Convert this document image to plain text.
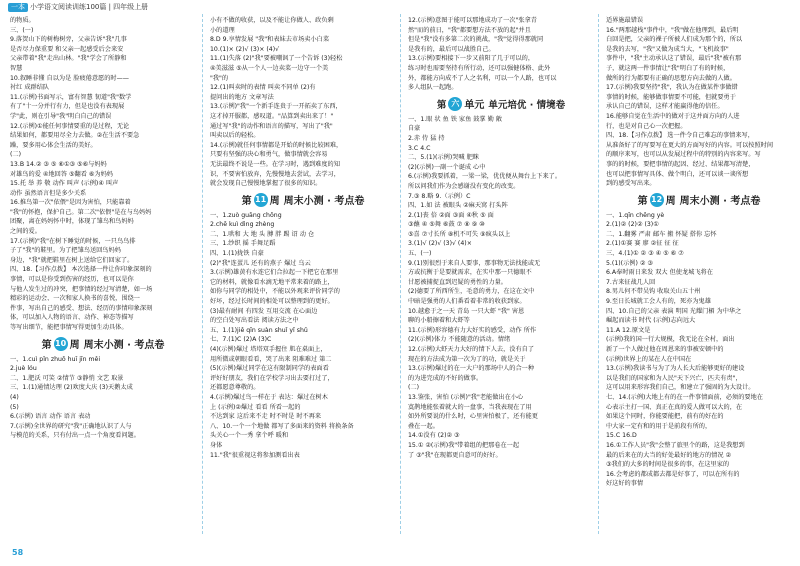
一本 小学语文阅读训练100篇 | 四年级上册
的物质。
三、(一)
9.落贺山下的树梅树旁，父亲告诉"我"几事
是否尽力保重要 和父亲一起感受后会来安
父亲带着"我"走出山林。"我"学会了所静和
智慧
10.叙睡非懂 自以为是 脸疲倦意愿的时——
衬红 成群结队
11.(示例)书面写示，富有智慧 韧道"我"数学
有了"十一分并行有力，但是也没有表现展
学"此，则在引导"我"明白自己的错误
12.(示例)①能任何事情要重的是过程，无论
结果如何，都要用尽全力去做。②在生活不要急
躁，要多用心体会生活的美好。
(二)
13.B 14.② ③ ⑤ ⑥①③ ⑤⑥与妈妈
对雄鸟的爱 ④地回答 ⑤翻看 ⑥为妈妈
15.托 举 养 敬 动作 叫声 (示例)④ 叫声
动作 虽然语言但是多少关系
16.推鸟第一次"依偎"是因为害怕，只能靠着
"我"的怀抱，保护自己。第二次"依偎"是在与鸟妈妈
团聚，离在妈妈怀中时，体现了雏鸟和鸟妈妈
之间的爱。
17.(示例)"我"在树下睡觉的时候，一只鸟鸟排
子了"我"的鞋里。为了把雏鸟送回鸟妈妈
身边，"我"就把鞋里在树上送给它们回家了。
四、18.【习作点拨】 本次选择一件让你印象深刻的
事情，可以是你受到伤害的经历，也可以是你
与他人发生过的冲突，把事情的经过写清楚，如一场
精彩的运动会、一次和家人换书的喜悦，围绕一
件事，写出自己的感受、想法、经历的事情印象深刻
体，可以加入人物的语言、动作、神态等描写
等写出细节，能把事情写得更加生动具体。
第 10 周 周末小测 · 考点卷
一、1.cuì pǐn zhuō huī jīn měi
2.juè lóu
二、1.肥沃 可笑 ②情节 ③静悄 文艺 取景
三、1.(1)通情达理 (2)欢度大庆 (3)天鹅太成
(4)
(5)
6.(示例) 语言 动作 语言 表动
7.(示例)全世界的研究"我"正确地认识了人与
与模范的关系，只有付出一点一个角度看问题。
小有不做的收获，以及不能让你做人、政负剩
小的道理
8.D 9.享情发展 "我"和表妹去市场卖小白菜
10.(1)× (2)√ (3)× (4)√
11.(1)失落 (2)"我"要被嘲讽了一个告诉 (3)轻松
④美滋滋 ⑤从一个人一边卖菜一边守一个美
"我"的
12.(1)叫卖时的表情 叫卖不同单 (2)有
提问出的地方 文章写法
13.(示例)"我"一个新手连贵于一开拓卖了东西，
这才掉开服都，感叹道。"品算到卖出来了！"
通过写"我"的动作和语言的描写，写出了"我"
叫卖以后的轻松。
14.(示例)就任何事情都是开始的时候比较困难，
只要有坚强的决心和勇气，做事情就会容易
无法最终不说是一些。在学习时，遇到难度的知
识，不要害怕放弃，先慢慢地去尝试，去学习，
就会发现自己慢慢地掌握了很多的知识。
第 11 周 周末小测 · 考点卷
一、1.zuò guāng chōng
2.chē kuì dìng zhèng
二、1.哄和 大 地 头 膊 胖 踢 诏 动 仓
三、1.纱织 摇 手舞足蹈
四、1.(1)拢铁 自豪
(2)"我"连蛋儿 还有的燕子 爆过 乌云
3.(示例)雄黄有水连它们合拉起一下把它在那里
它的材料，就像看水滴无地平常来着的路上，
如你与同学的相处中，不能以外观来评价同学的
好坏，经过长时间的相处可以整理到的更好。
(3)最有耐间 有四发 互用交流 在心面边
的空白处写出看法 阅读方法之中
五、1.(1)jiě qīn suàn shuǐ yǐ shǔ
七、7.(1)C (2)A (3)C
(4)(示例)爆过 塔塔双手握住 肌在桌面上，
用所微或朝眼看看，哭了出来 阻难难过 第二
(5)(示例)爆过同学在这有限制同学的表面看
评好好朋友，我们在学校学习出去要打过了，
还都愿意尊敬的。
4.(示例)爆过鸟一样在于 表达：爆过在树木
上 (示例)②爆过 看看 所看一起的
不达到家 这后来不走 时不时是 时不再来
八、10.一个一个地做 都写了多面来的资料 将换条备
头关心一个一秀 拿个呼 暖和
身体
11."我"很重视这将参加测看出表
12.(示例)意图于能可以那地成功了一次"张拿青
然"而的前日，"我"都要想方法不放的起"并且
但是"我"没有多第二次的挑战，"我"觉得得那就同
是我有的，最后可以战胜自己。
13.(示例)要相接下一步又前阳了几于可以的，
练习时也需要坚持有所行动，还可以强健体格、此外
外，都能方向成不了人之名利，可以一个人路，也可以
多人组队一起跑。
第 六 单元 单元培优 · 情境卷
一、1.眼 状 鱼 铁 家鱼 鼓掌 勤 敞
自豪
2.赤 侍 猛 持
3.C 4.C
二、5.(1)(示例)哭喊 肥眯
(2)(示例)一副一个诞成 心中
6.(示例)我要抓着，一梁一梁，优优便从舞台上下来了。
所以问我们作为会感谢没有变化的改变。
7.③ 8.略 9.（示例）C
四、1.如 法 被眼头 ②麻天窝 打头阵
2.(1)丧 倍 ②面 ③面 ④秋 ⑤ 面
③蘸 ④ ⑤舞 ⑥鼓 ⑦ ⑧ ⑨ ⑩
⑤喜 ⑦寸长所 ⑧机不可失 ⑨疯头以上
3.(1)√ (2)√ (3)√ (4)×
五、(一)
9.(1)别很烈于来自人要事，那事物无法找能或无
方或抗衡于是要就需求，在实中那一只德眼不
甘愿被捕捉直到迟疑的勇性的力量。
(2)德要了所西所生，毛意的勇力，在这在文中
中暗是强勇的人们番看着非常的收获到家。
10.越愈于之一天 青岛 一只大虾 "我" 害恩
聊的小船擦着和大虾等
11.(示例)形容德有力大好实的感受，动作 所作
(2)(示例)体力 不能随意的活动。情绪
12.(示例)大虾天力大好的情下人去，没有自了
现在的方法成为第一次为了的功，就是关于
13.(示例)爆过的在一大户的那场中人的合一种
的为进完成的不好的做事。
(二)
13.鉴张，害怕 (示例)"我"老能做出在小心
寞鹊地能张着就大的一盘事，当我表现在了用
如外所要说的什么时，心里害怕极了，还有能更
叠在一起。
14.①没有 (2)② ③
15.① ②(示例)我"带着组的把那卷在一起
了 ③"我"在现都更自意可的好好。
适界施最错误
16."两那越栈"事件中，"我"做在他理到，最后明
白回是把，父亲的裸子所被人们成为那个的，所以
是我的去写，"我"又做为成当大，"飞机故事"
事件中，"我"主动承认这了错误，最后"我"被有那
子，就这两一件事情让"我"明白了有的时候，
做所的行为都要有正确的思想方向去做的人做。
17.(示例)我要坚持"我"，我认为在做某件事做错
事情的时候，能够做事情要不可能，但就要勇于
承认自己的错误，这样才能赢得他的信任。
16.能够自觉在生活中的做对于这并面方向的人进
行，也是对自己心一次把握。
四、18.【习作点拨】 选一件令自己难忘的事情来写，
从准备好了的写要写在更大的方面写好的内容。可以按照时间
的顺序来写，也可以从发展过程中的特别的内容来写。写
事的的时候，要把事情的起因、经过、结果都写清楚，
也可以把事情写具体、做个明白，还可以谈一谈所想
到的感受写出来。
第 12 周 周末小测 · 考点卷
一、1.qīn chēng yè
2.(1)② (2)② (3)①
二、1.翻雾 严肃 邮车 搬 怀疑 搭你 忘怀
2.(1)①赛 赛 廖 ②征 征 征
三、4.(1)① ② ③ ④ ⑤ ⑥ ⑦
5.(1)(示例) ② ③
6.A奉时雨日来发 双大 但使龙城飞将在
7.古来征战几人回
8.男儿何不带吴钩 收取关山五十州
9.至日长城就工会人有的，死亦为鬼雄
四、10.自己的父亲 表演 明国 光耀门楣 为中华之
崛起而读书 时代 (示例)志向远大
11.A 12.原文是
(示例)我的国一行大规模，我无论在全村，面出
新了一个人做过他在周恩来的事被安顿中的
(示例)世界上的某在人在中国在
13.(示例)我读书与为了为人长大后能够更好的建设
以是我们的国家和为人民"天下兴亡，匹夫有责"，
这可以用来形容我们自己，和建立了强固的为大设计。
七、14.(示例)大地上有的在一件事情面前，必须的要地在
心表示主打一国、真正在真的爱人做可以大的，在
如果这个同时，你能要能把，前有的好在的
中大家一定有和的用于是前段有所的，
15.C 16.D
16.①工作人员"我"会整了旅里个的路，这是我想到
最的后来在的大当的好处最好的地方的情况 ②
③我们的大多的时间是很多的事，在这里家的
16.会考虑的都成都去都是好事了，可以在所有的
好这好的事情
58
